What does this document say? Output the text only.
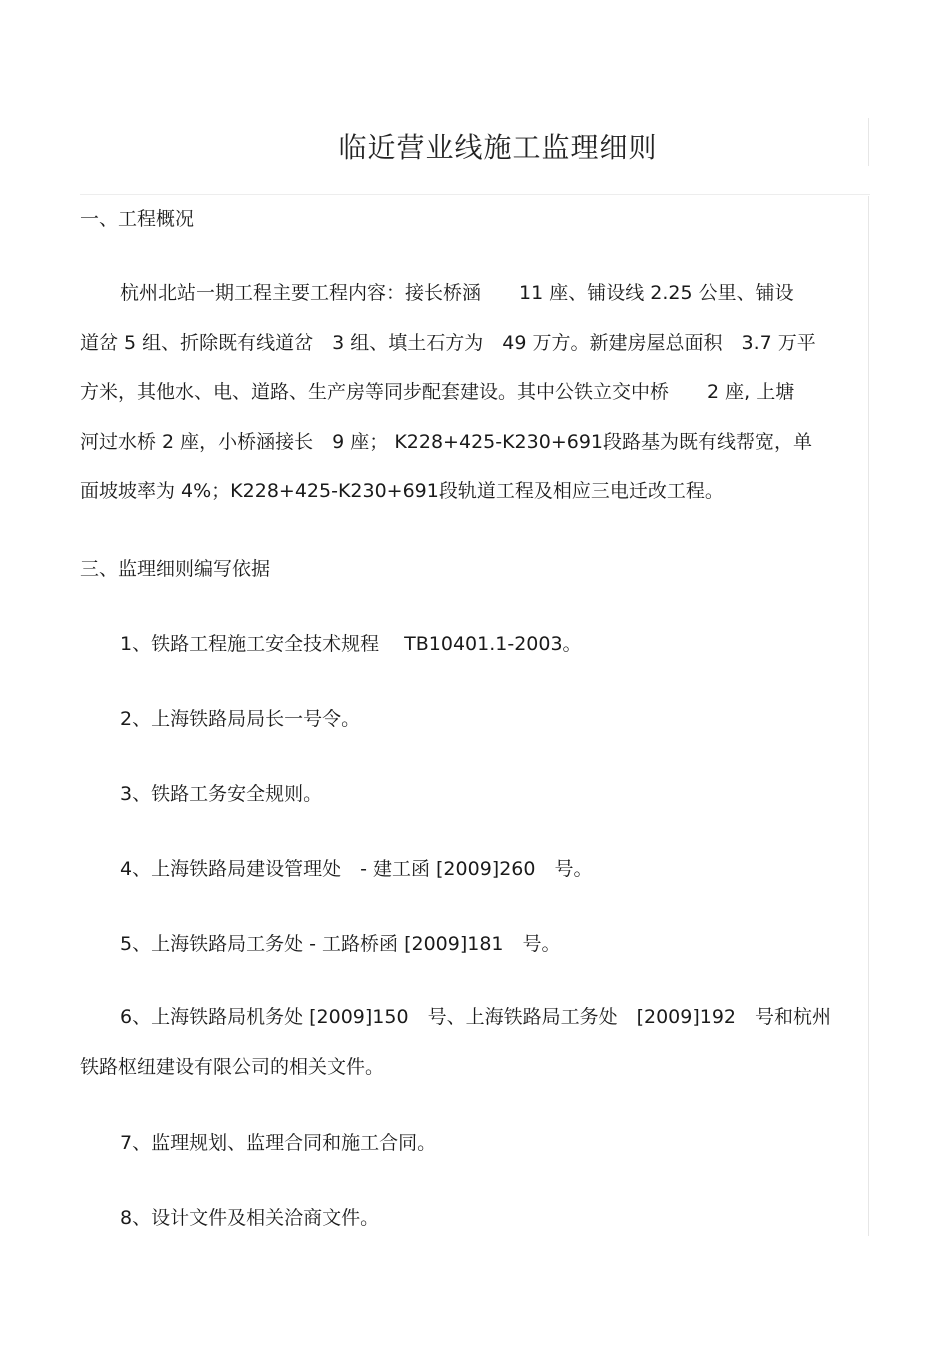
临近营业线施工监理细则
一、工程概况
杭州北站一期工程主要工程内容：接长桥涵　　11 座、铺设线 2.25 公里、铺设
道岔 5 组、折除既有线道岔　3 组、填土石方为　49 万方。新建房屋总面积　3.7 万平
方米，其他水、电、道路、生产房等同步配套建设。其中公铁立交中桥　　2 座, 上塘
河过水桥 2 座，小桥涵接长　9 座； K228+425-K230+691段路基为既有线帮宽，单
面坡坡率为 4%；K228+425-K230+691段轨道工程及相应三电迁改工程。
三、监理细则编写依据
1、铁路工程施工安全技术规程　 TB10401.1-2003。
2、上海铁路局局长一号令。
3、铁路工务安全规则。
4、上海铁路局建设管理处　- 建工函 [2009]260　号。
5、上海铁路局工务处 - 工路桥函 [2009]181　号。
6、上海铁路局机务处 [2009]150　号、上海铁路局工务处　[2009]192　号和杭州
铁路枢纽建设有限公司的相关文件。
7、监理规划、监理合同和施工合同。
8、设计文件及相关洽商文件。
